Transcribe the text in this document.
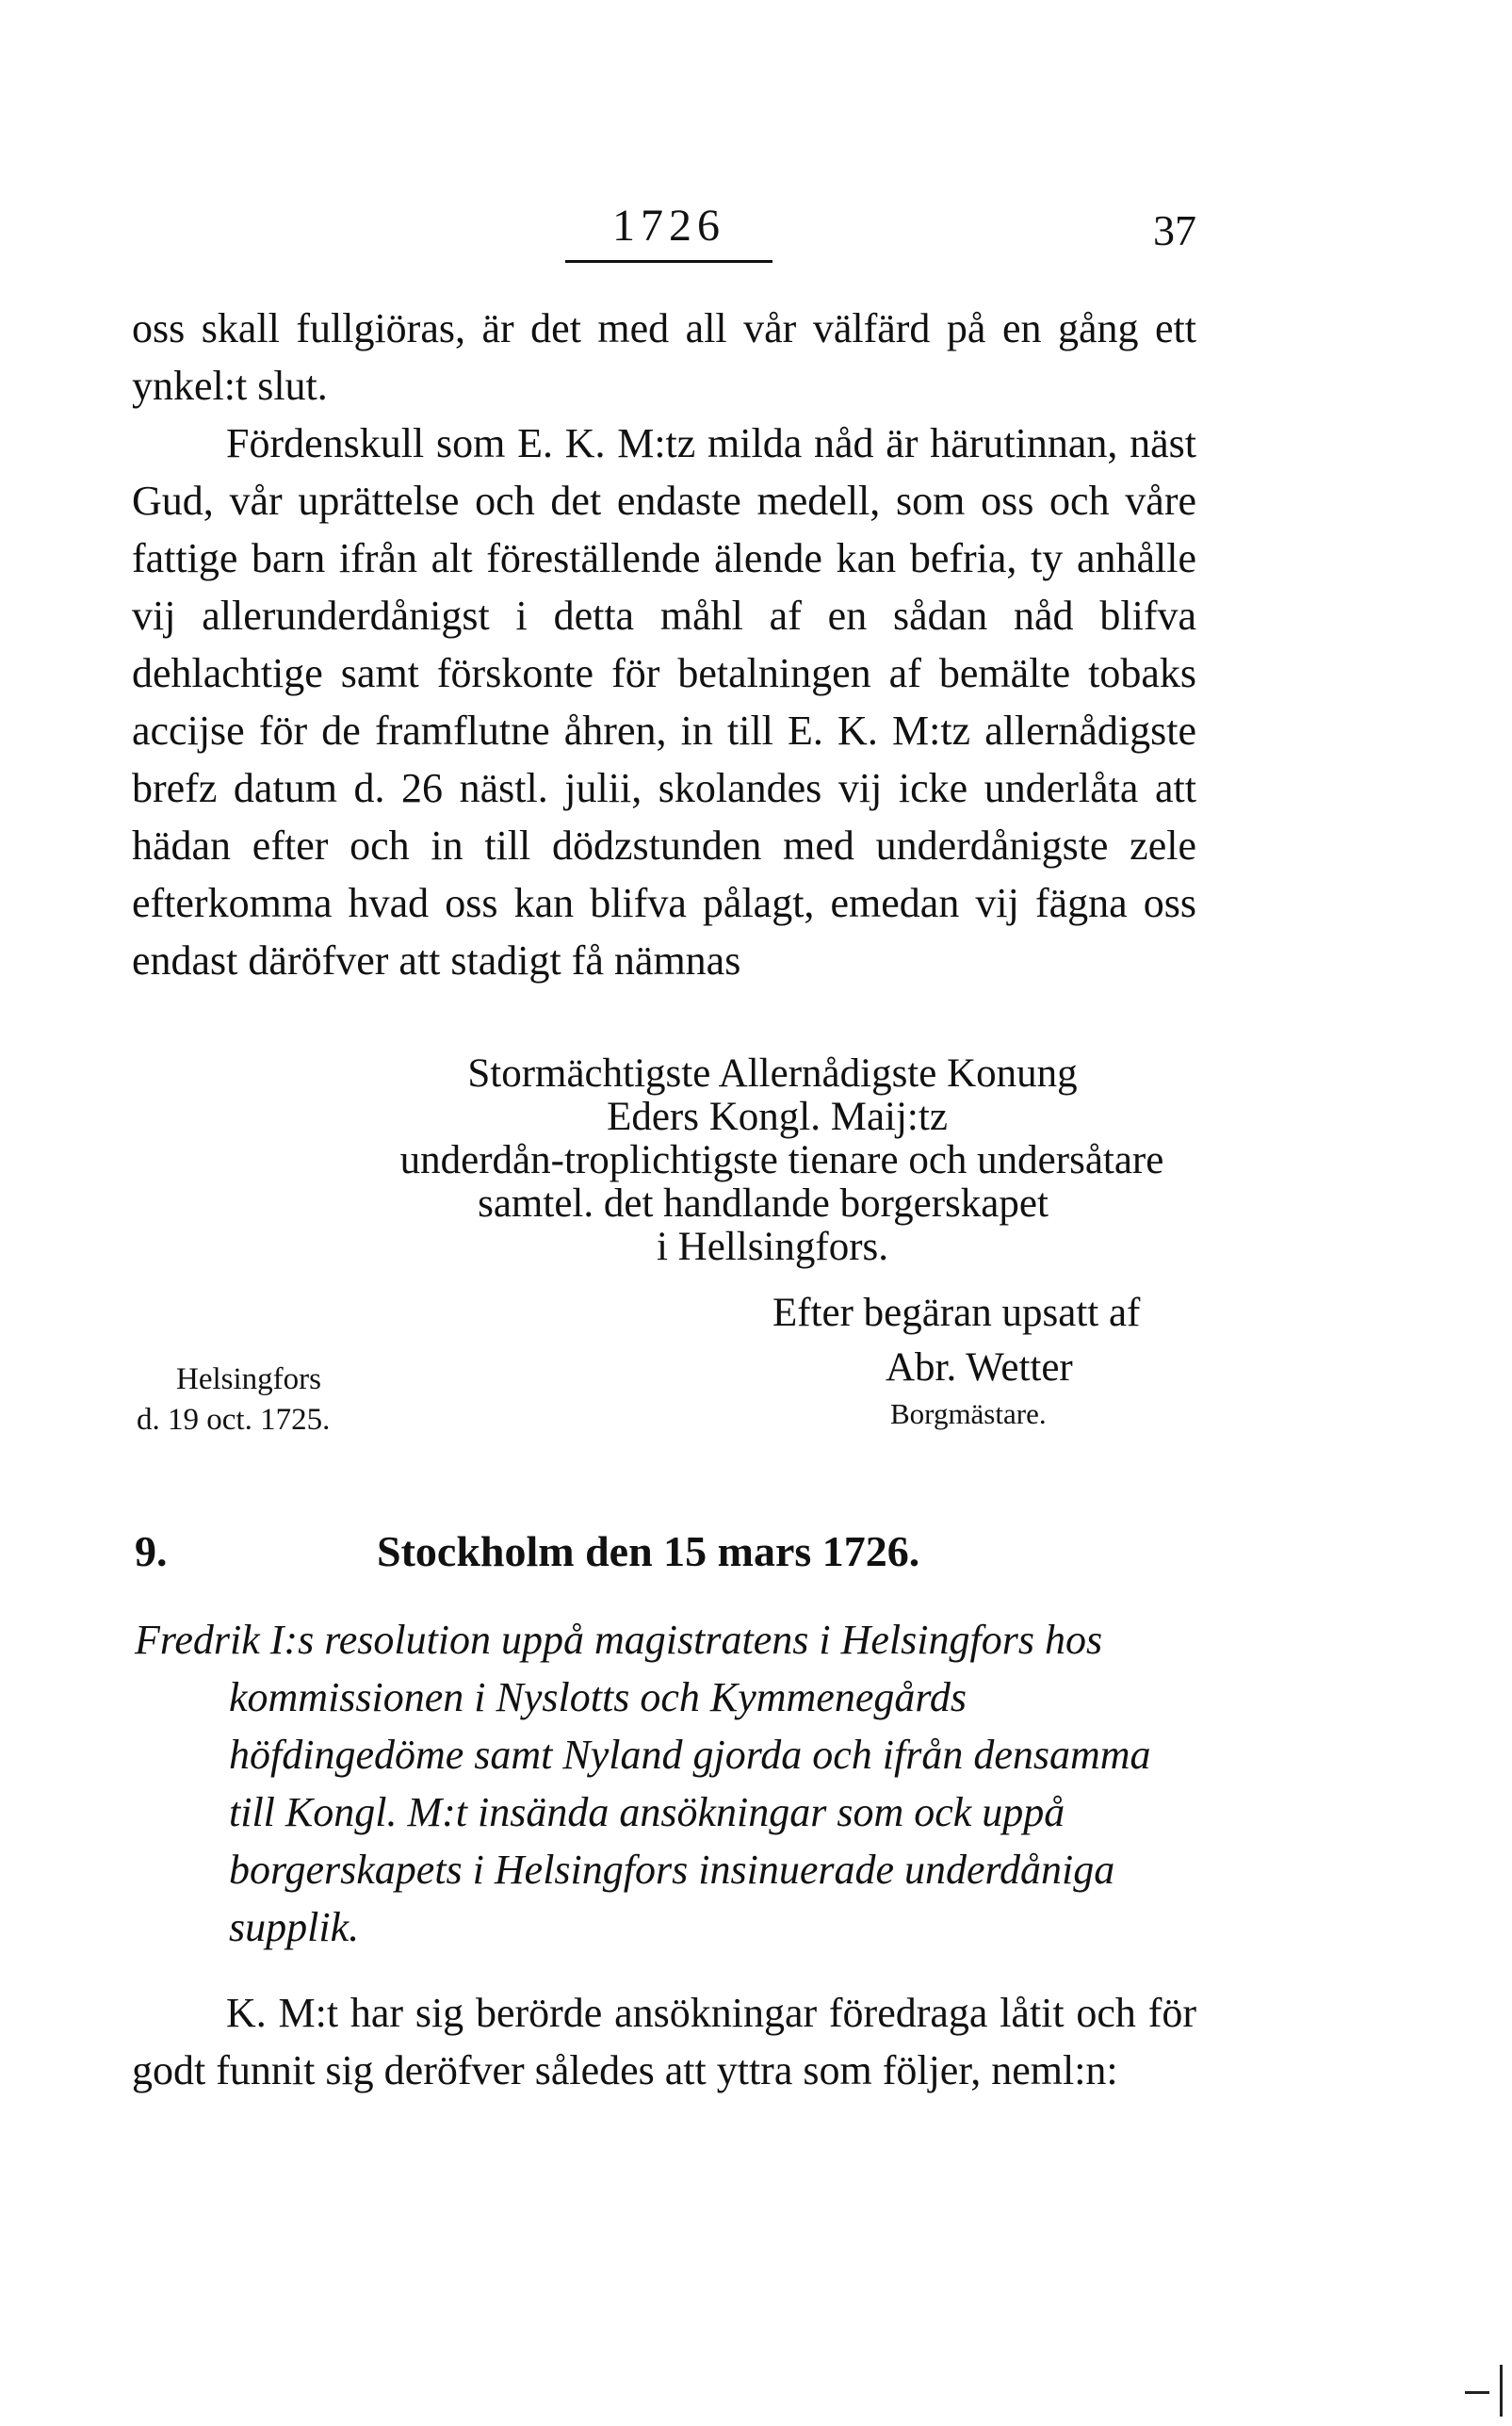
1726	37

oss skall fullgiöras, är det med all vår välfärd på en gång ett ynkel:t slut.

Fördenskull som E. K. M:tz milda nåd är härutinnan, näst Gud, vår uprättelse och det endaste medell, som oss och våre fattige barn ifrån alt föreställende älende kan befria, ty anhålle vij allerunderdånigst i detta måhl af en sådan nåd blifva dehlachtige samt förskonte för betalningen af bemälte tobaks accijse för de framflutne åhren, in till E. K. M:tz allernådigste brefz datum d. 26 nästl. julii, skolandes vij icke underlåta att hädan efter och in till dödzstunden med underdånigste zele efterkomma hvad oss kan blifva pålagt, emedan vij fägna oss endast däröfver att stadigt få nämnas

Stormächtigste Allernådigste Konung
Eders Kongl. Maij:tz
underdån-troplichtigste tienare och undersåtare
samtel. det handlande borgerskapet
i Hellsingfors.
Helsingfors
d. 19 oct. 1725.
Efter begäran upsatt af
Abr. Wetter
Borgmästare.
9.	Stockholm den 15 mars 1726.
Fredrik I:s resolution uppå magistratens i Helsingfors hos kommissionen i Nyslotts och Kymmenegårds höfdingedöme samt Nyland gjorda och ifrån densamma till Kongl. M:t insända ansökningar som ock uppå borgerskapets i Helsingfors insinuerade underdåniga supplik.

K. M:t har sig berörde ansökningar föredraga låtit och för godt funnit sig deröfver således att yttra som följer, neml:n:
